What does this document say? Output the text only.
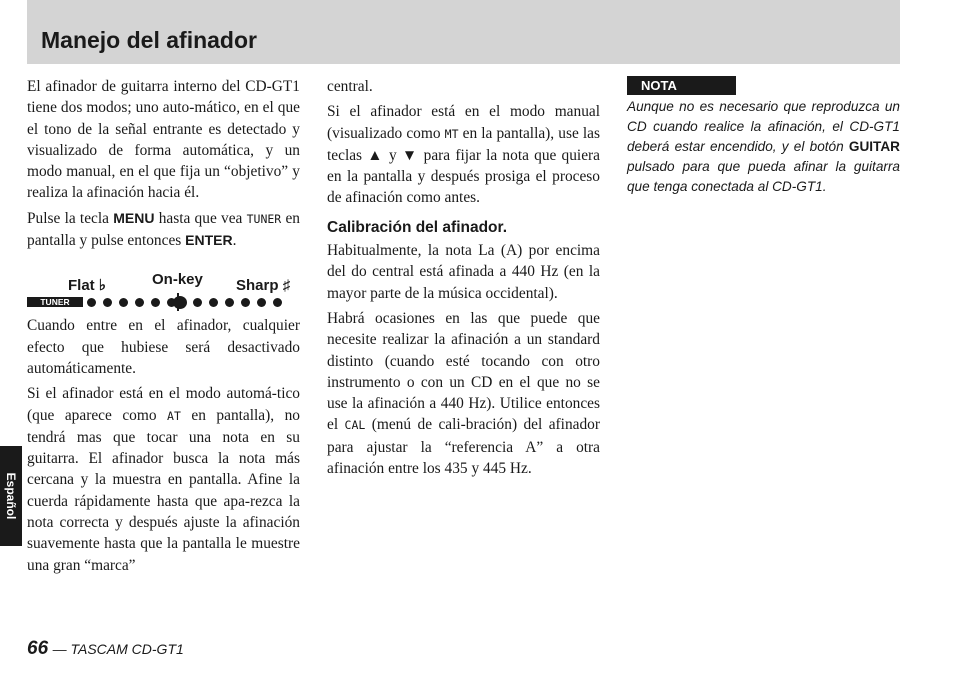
Manejo del afinador

El afinador de guitarra interno del CD-GT1 tiene dos modos; uno auto-mático, en el que el tono de la señal entrante es detectado y visualizado de forma automática, y un modo manual, en el que fija un “objetivo” y realiza la afinación hacia él.

Pulse la tecla MENU hasta que vea TUNER en pantalla y pulse entonces ENTER.

Flat ♭	On-key Sharp ♯
TUNER

Cuando entre en el afinador, cualquier efecto que hubiese será desactivado automáticamente.

Si el afinador está en el modo automá-tico (que aparece como AT en pantalla), no tendrá mas que tocar una nota en su guitarra. El afinador busca la nota más cercana y la muestra en pantalla. Afine la cuerda rápidamente hasta que apa-rezca la nota correcta y después ajuste la afinación suavemente hasta que la pantalla le muestre una gran “marca”

central.

Si el afinador está en el modo manual (visualizado como MT en la pantalla), use las teclas ▲ y ▼ para fijar la nota que quiera en la pantalla y después prosiga el proceso de afinación como antes.

Calibración del afinador.

Habitualmente, la nota La (A) por encima del do central está afinada a 440 Hz (en la mayor parte de la música occidental).

Habrá ocasiones en las que puede que necesite realizar la afinación a un standard distinto (cuando esté tocando con otro instrumento o con un CD en el que no se use la afinación a 440 Hz). Utilice entonces el CAL (menú de cali-bración) del afinador para ajustar la “referencia A” a otra afinación entre los 435 y 445 Hz.

NOTA
Aunque no es necesario que reproduzca un CD cuando realice la afinación, el CD-GT1 deberá estar encendido, y el botón GUITAR pulsado para que pueda afinar la guitarra que tenga conectada al CD-GT1.
Español
66 — TASCAM CD-GT1
